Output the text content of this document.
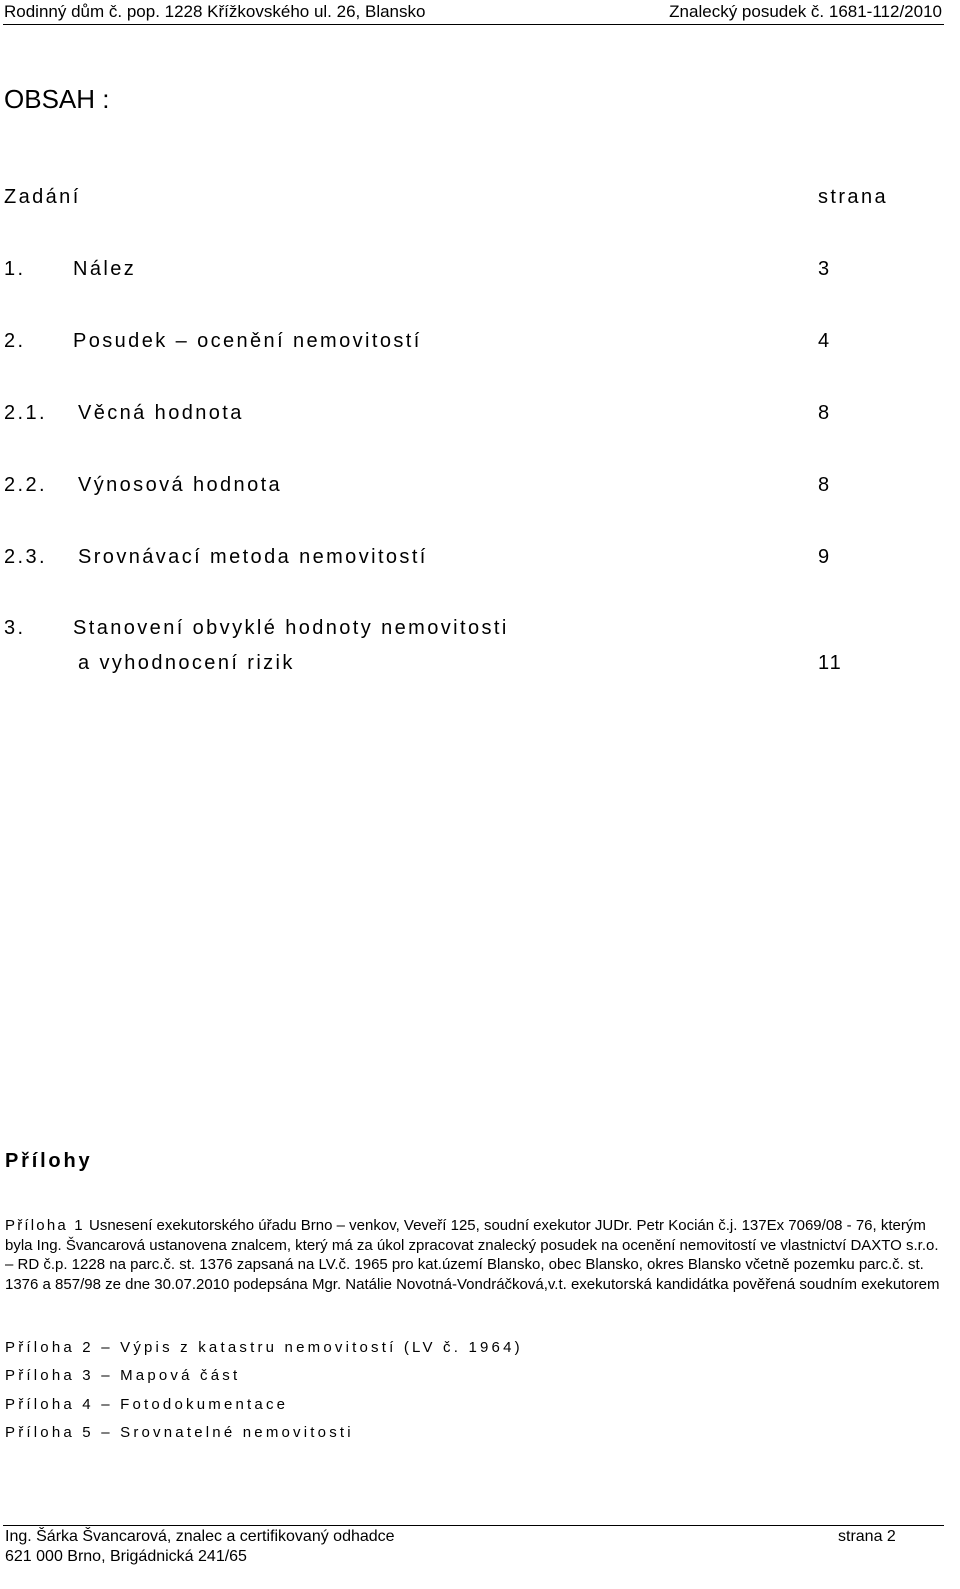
Rodinný dům č. pop. 1228 Křížkovského ul. 26, Blansko	Znalecký posudek č. 1681-112/2010
OBSAH :
Zadání	strana
1. Nález	3
2. Posudek – ocenění nemovitostí	4
2.1. Věcná hodnota	8
2.2. Výnosová hodnota	8
2.3. Srovnávací metoda nemovitostí	9
3. Stanovení obvyklé hodnoty nemovitosti
a vyhodnocení rizik	11
Přílohy
Příloha 1 Usnesení exekutorského úřadu Brno – venkov, Veveří 125, soudní exekutor JUDr. Petr Kocián č.j. 137Ex 7069/08 - 76, kterým byla Ing. Švancarová ustanovena znalcem, který má za úkol zpracovat znalecký posudek na ocenění nemovitostí ve vlastnictví DAXTO s.r.o. – RD č.p. 1228 na parc.č. st. 1376 zapsaná na LV.č. 1965 pro kat.území Blansko, obec Blansko, okres Blansko včetně pozemku parc.č. st. 1376 a 857/98 ze dne 30.07.2010 podepsána Mgr. Natálie Novotná-Vondráčková,v.t. exekutorská kandidátka pověřená soudním exekutorem
Příloha 2 – Výpis z katastru nemovitostí (LV č. 1964)
Příloha 3 – Mapová část
Příloha 4 – Fotodokumentace
Příloha 5 – Srovnatelné nemovitosti
Ing. Šárka Švancarová, znalec a certifikovaný odhadce	strana 2
621 000 Brno, Brigádnická 241/65
